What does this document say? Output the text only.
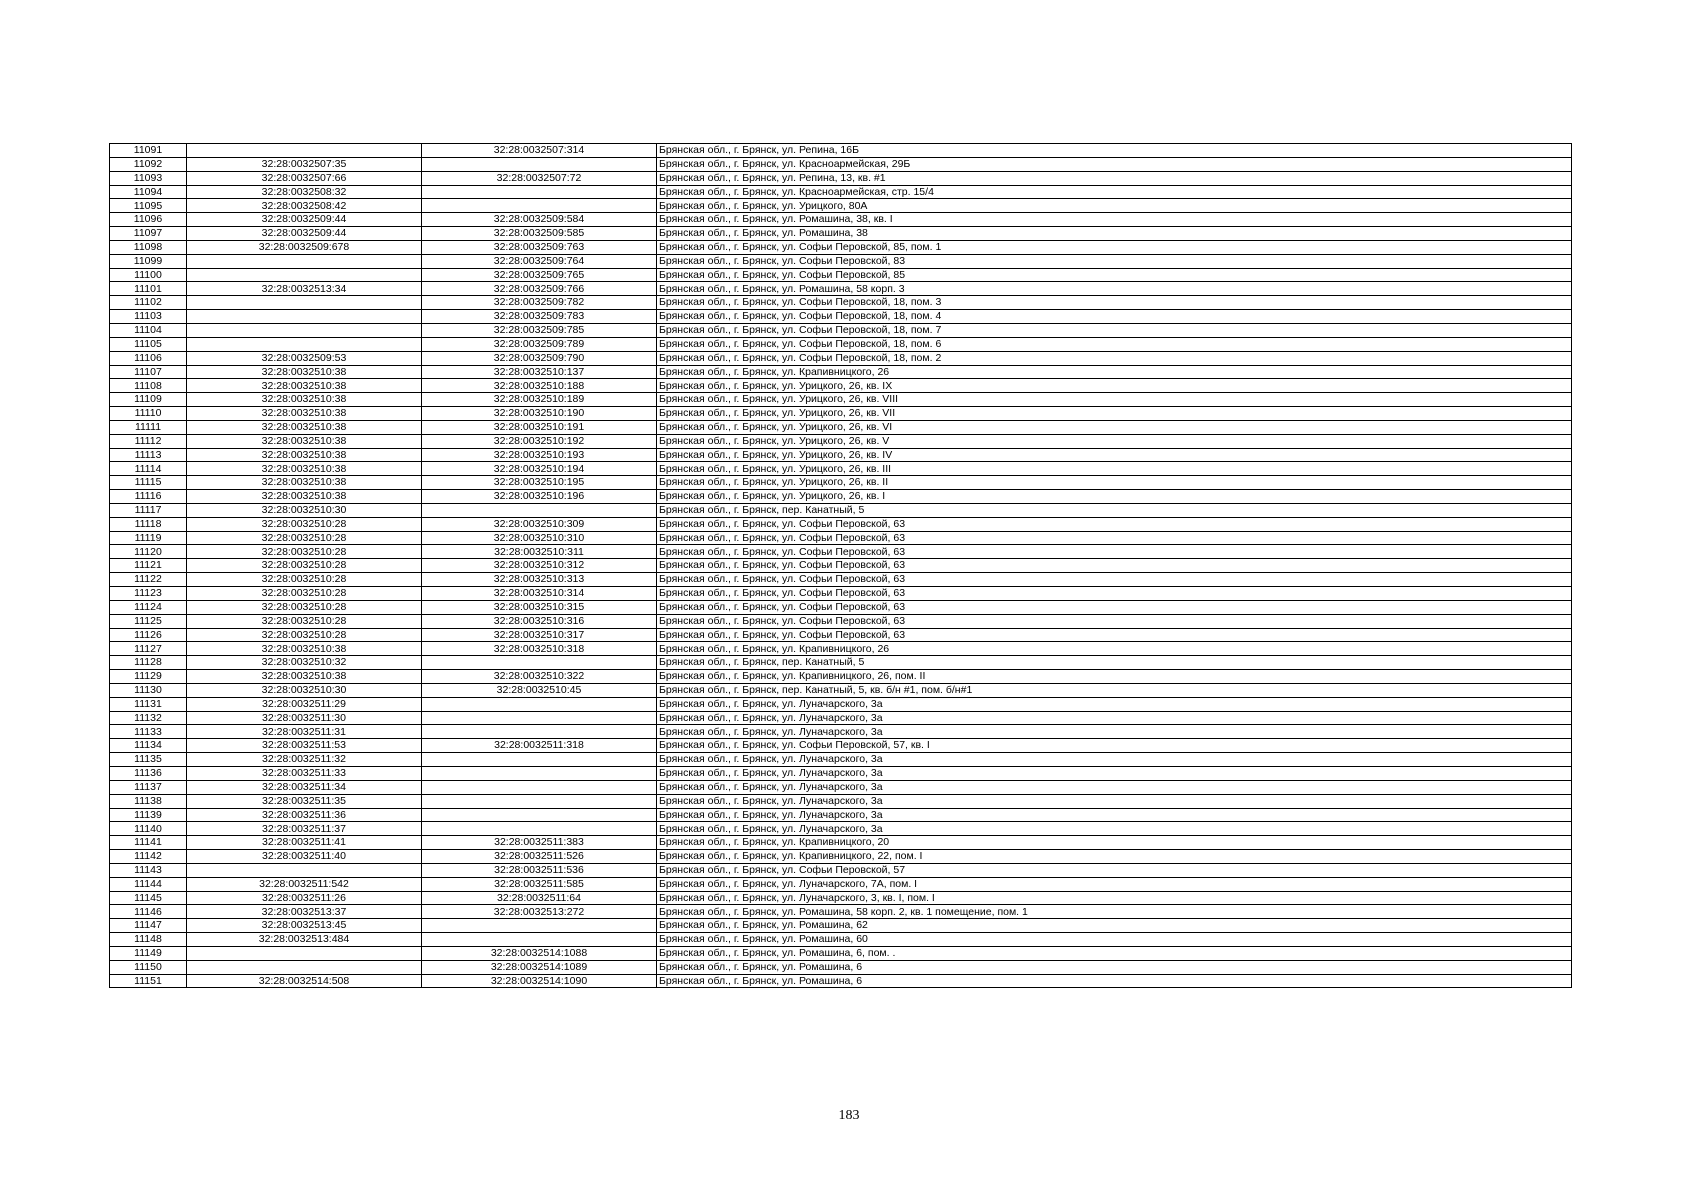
11091		32:28:0032507:314	Брянская обл., г. Брянск, ул. Репина, 16Б
11092	32:28:0032507:35		Брянская обл., г. Брянск, ул. Красноармейская, 29Б
11093	32:28:0032507:66	32:28:0032507:72	Брянская обл., г. Брянск, ул. Репина, 13, кв. #1
11094	32:28:0032508:32		Брянская обл., г. Брянск, ул. Красноармейская, стр. 15/4
11095	32:28:0032508:42		Брянская обл., г. Брянск, ул. Урицкого, 80А
11096	32:28:0032509:44	32:28:0032509:584	Брянская обл., г. Брянск, ул. Ромашина, 38, кв. I
11097	32:28:0032509:44	32:28:0032509:585	Брянская обл., г. Брянск, ул. Ромашина, 38
11098	32:28:0032509:678	32:28:0032509:763	Брянская обл., г. Брянск, ул. Софьи Перовской, 85, пом. 1
11099		32:28:0032509:764	Брянская обл., г. Брянск, ул. Софьи Перовской, 83
11100		32:28:0032509:765	Брянская обл., г. Брянск, ул. Софьи Перовской, 85
11101	32:28:0032513:34	32:28:0032509:766	Брянская обл., г. Брянск, ул. Ромашина, 58 корп. 3
11102		32:28:0032509:782	Брянская обл., г. Брянск, ул. Софьи Перовской, 18, пом. 3
11103		32:28:0032509:783	Брянская обл., г. Брянск, ул. Софьи Перовской, 18, пом. 4
11104		32:28:0032509:785	Брянская обл., г. Брянск, ул. Софьи Перовской, 18, пом. 7
11105		32:28:0032509:789	Брянская обл., г. Брянск, ул. Софьи Перовской, 18, пом. 6
11106	32:28:0032509:53	32:28:0032509:790	Брянская обл., г. Брянск, ул. Софьи Перовской, 18, пом. 2
11107	32:28:0032510:38	32:28:0032510:137	Брянская обл., г. Брянск, ул. Крапивницкого, 26
11108	32:28:0032510:38	32:28:0032510:188	Брянская обл., г. Брянск, ул. Урицкого, 26, кв. IX
11109	32:28:0032510:38	32:28:0032510:189	Брянская обл., г. Брянск, ул. Урицкого, 26, кв. VIII
11110	32:28:0032510:38	32:28:0032510:190	Брянская обл., г. Брянск, ул. Урицкого, 26, кв. VII
11111	32:28:0032510:38	32:28:0032510:191	Брянская обл., г. Брянск, ул. Урицкого, 26, кв. VI
11112	32:28:0032510:38	32:28:0032510:192	Брянская обл., г. Брянск, ул. Урицкого, 26, кв. V
11113	32:28:0032510:38	32:28:0032510:193	Брянская обл., г. Брянск, ул. Урицкого, 26, кв. IV
11114	32:28:0032510:38	32:28:0032510:194	Брянская обл., г. Брянск, ул. Урицкого, 26, кв. III
11115	32:28:0032510:38	32:28:0032510:195	Брянская обл., г. Брянск, ул. Урицкого, 26, кв. II
11116	32:28:0032510:38	32:28:0032510:196	Брянская обл., г. Брянск, ул. Урицкого, 26, кв. I
11117	32:28:0032510:30		Брянская обл., г. Брянск, пер. Канатный, 5
11118	32:28:0032510:28	32:28:0032510:309	Брянская обл., г. Брянск, ул. Софьи Перовской, 63
11119	32:28:0032510:28	32:28:0032510:310	Брянская обл., г. Брянск, ул. Софьи Перовской, 63
11120	32:28:0032510:28	32:28:0032510:311	Брянская обл., г. Брянск, ул. Софьи Перовской, 63
11121	32:28:0032510:28	32:28:0032510:312	Брянская обл., г. Брянск, ул. Софьи Перовской, 63
11122	32:28:0032510:28	32:28:0032510:313	Брянская обл., г. Брянск, ул. Софьи Перовской, 63
11123	32:28:0032510:28	32:28:0032510:314	Брянская обл., г. Брянск, ул. Софьи Перовской, 63
11124	32:28:0032510:28	32:28:0032510:315	Брянская обл., г. Брянск, ул. Софьи Перовской, 63
11125	32:28:0032510:28	32:28:0032510:316	Брянская обл., г. Брянск, ул. Софьи Перовской, 63
11126	32:28:0032510:28	32:28:0032510:317	Брянская обл., г. Брянск, ул. Софьи Перовской, 63
11127	32:28:0032510:38	32:28:0032510:318	Брянская обл., г. Брянск, ул. Крапивницкого, 26
11128	32:28:0032510:32		Брянская обл., г. Брянск, пер. Канатный, 5
11129	32:28:0032510:38	32:28:0032510:322	Брянская обл., г. Брянск, ул. Крапивницкого, 26, пом. II
11130	32:28:0032510:30	32:28:0032510:45	Брянская обл., г. Брянск, пер. Канатный, 5, кв. б/н #1, пом. б/н#1
11131	32:28:0032511:29		Брянская обл., г. Брянск, ул. Луначарского, 3а
11132	32:28:0032511:30		Брянская обл., г. Брянск, ул. Луначарского, 3а
11133	32:28:0032511:31		Брянская обл., г. Брянск, ул. Луначарского, 3а
11134	32:28:0032511:53	32:28:0032511:318	Брянская обл., г. Брянск, ул. Софьи Перовской, 57, кв. I
11135	32:28:0032511:32		Брянская обл., г. Брянск, ул. Луначарского, 3а
11136	32:28:0032511:33		Брянская обл., г. Брянск, ул. Луначарского, 3а
11137	32:28:0032511:34		Брянская обл., г. Брянск, ул. Луначарского, 3а
11138	32:28:0032511:35		Брянская обл., г. Брянск, ул. Луначарского, 3а
11139	32:28:0032511:36		Брянская обл., г. Брянск, ул. Луначарского, 3а
11140	32:28:0032511:37		Брянская обл., г. Брянск, ул. Луначарского, 3а
11141	32:28:0032511:41	32:28:0032511:383	Брянская обл., г. Брянск, ул. Крапивницкого, 20
11142	32:28:0032511:40	32:28:0032511:526	Брянская обл., г. Брянск, ул. Крапивницкого, 22, пом. I
11143		32:28:0032511:536	Брянская обл., г. Брянск, ул. Софьи Перовской, 57
11144	32:28:0032511:542	32:28:0032511:585	Брянская обл., г. Брянск, ул. Луначарского, 7А, пом. I
11145	32:28:0032511:26	32:28:0032511:64	Брянская обл., г. Брянск, ул. Луначарского, 3, кв. I, пом. I
11146	32:28:0032513:37	32:28:0032513:272	Брянская обл., г. Брянск, ул. Ромашина, 58 корп. 2, кв. 1 помещение, пом. 1
11147	32:28:0032513:45		Брянская обл., г. Брянск, ул. Ромашина, 62
11148	32:28:0032513:484		Брянская обл., г. Брянск, ул. Ромашина, 60
11149		32:28:0032514:1088	Брянская обл., г. Брянск, ул. Ромашина, 6, пом. .
11150		32:28:0032514:1089	Брянская обл., г. Брянск, ул. Ромашина, 6
11151	32:28:0032514:508	32:28:0032514:1090	Брянская обл., г. Брянск, ул. Ромашина, 6
183
